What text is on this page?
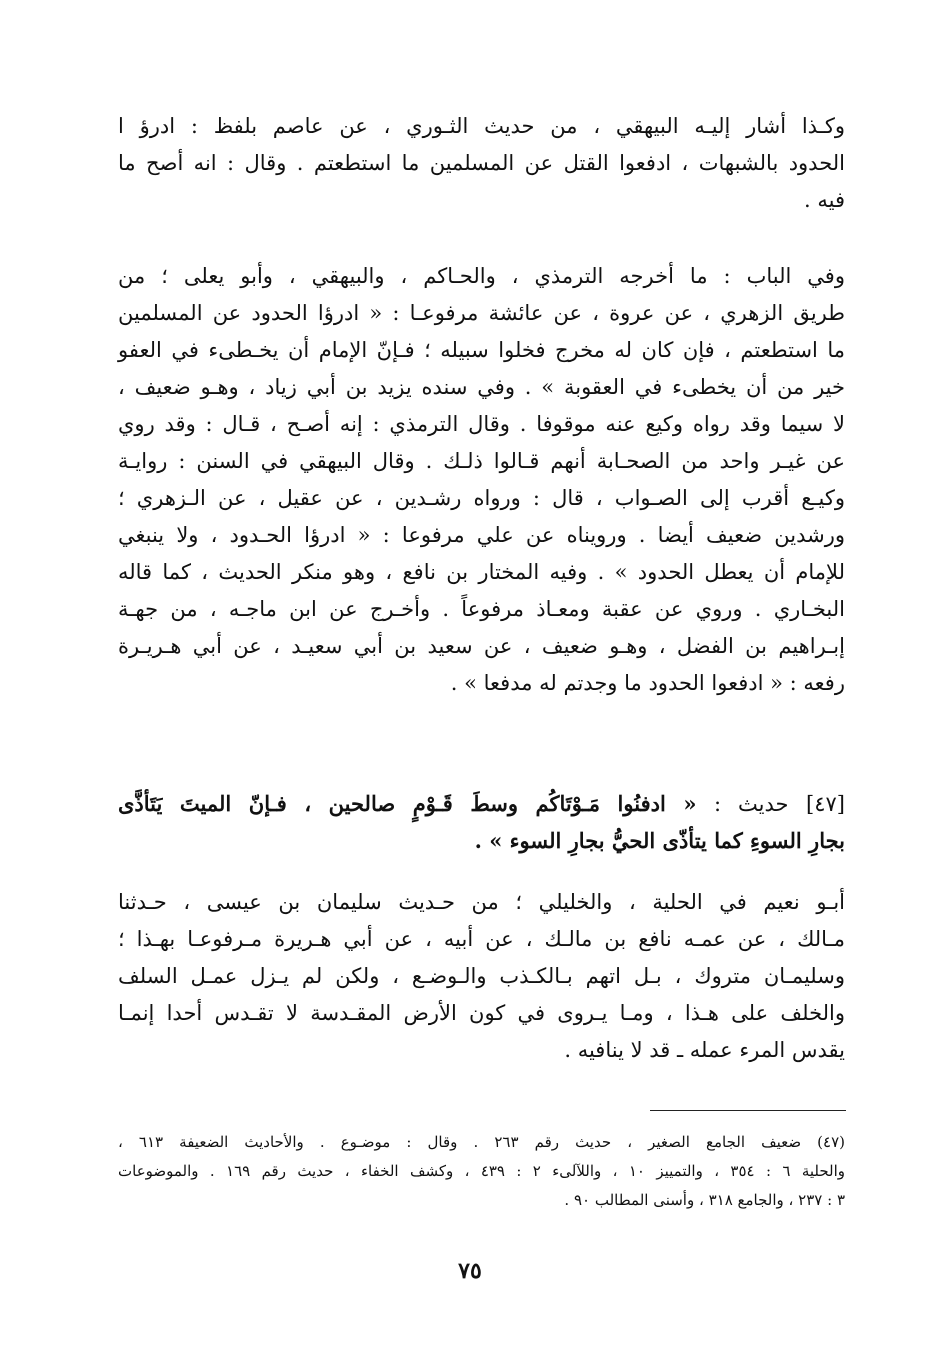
وكـذا أشار إليـه البيهقي ، من حديث الثـوري ، عن عاصم بلفظ : ادرؤ ا
الحدود بالشبهات ، ادفعوا القتل عن المسلمين ما استطعتم . وقال : انه أصح ما
فيه .
وفي الباب : ما أخرجه الترمذي ، والحـاكم ، والبيهقي ، وأبو يعلى ؛ من
طريق الزهري ، عن عروة ، عن عائشة مرفوعـا : « ادرؤا الحدود عن المسلمين
ما استطعتم ، فإن كان له مخرج فخلوا سبيله ؛ فـإنّ الإمام أن يخـطىء في العفو
خير من أن يخطىء في العقوبة » . وفي سنده يزيد بن أبي زياد ، وهـو ضعيف ،
لا سيما وقد رواه وكيع عنه موقوفا . وقال الترمذي : إنه أصـح ، قـال : وقد روي
عن غيـر واحد من الصحـابة أنهم قـالوا ذلـك . وقال البيهقي في السنن : روايـة
وكيـع أقرب إلى الصـواب ، قال : ورواه رشـدين ، عن عقيل ، عن الـزهري ؛
ورشدين ضعيف أيضا . ورويناه عن علي مرفوعا : « ادرؤا الحـدود ، ولا ينبغي
للإمام أن يعطل الحدود » . وفيه المختار بن نافع ، وهو منكر الحديث ، كما قاله
البخـاري . وروي عن عقبة ومعـاذ مرفوعاً . وأخـرج عن ابن ماجـه ، من جهـة
إبـراهيم بن الفضل ، وهـو ضعيف ، عن سعيد بن أبي سعيـد ، عن أبي هـريـرة
رفعه : « ادفعوا الحدود ما وجدتم له مدفعا » .
[٤٧] حديث : « ادفنُوا مَـوْتَاكُم وسطَ قَـوْمٍ صالحين ، فـإنّ الميتَ يَتَأذَّى
بجارِ السوءِ كما يتأذّى الحيُّ بجارِ السوء » .
أبـو نعيم في الحلية ، والخليلي ؛ من حـديث سليمان بن عيسى ، حـدثنا
مـالك ، عن عمـه نافع بن مالـك ، عن أبيه ، عن أبي هـريرة مـرفوعـا بهـذا ؛
وسليمـان متروك ، بـل اتهم بـالكـذب والـوضـع ، ولكن لم يـزل عمـل السلف
والخلف على هـذا ، ومـا يـروى في كون الأرض المقـدسة لا تقـدس أحدا إنمـا
يقدس المرء عمله ـ قد لا ينافيه .
(٤٧) ضعيف الجامع الصغير ، حديث رقم ٢٦٣ . وقال : موضـوع . والأحاديث الضعيفة ٦١٣ ،
والحلية ٦ : ٣٥٤ ، والتمييز ١٠ ، واللآلىء ٢ : ٤٣٩ ، وكشف الخفاء ، حديث رقم ١٦٩ . والموضوعات
٣ : ٢٣٧ ، والجامع ٣١٨ ، وأسنى المطالب ٩٠ .
٧٥
